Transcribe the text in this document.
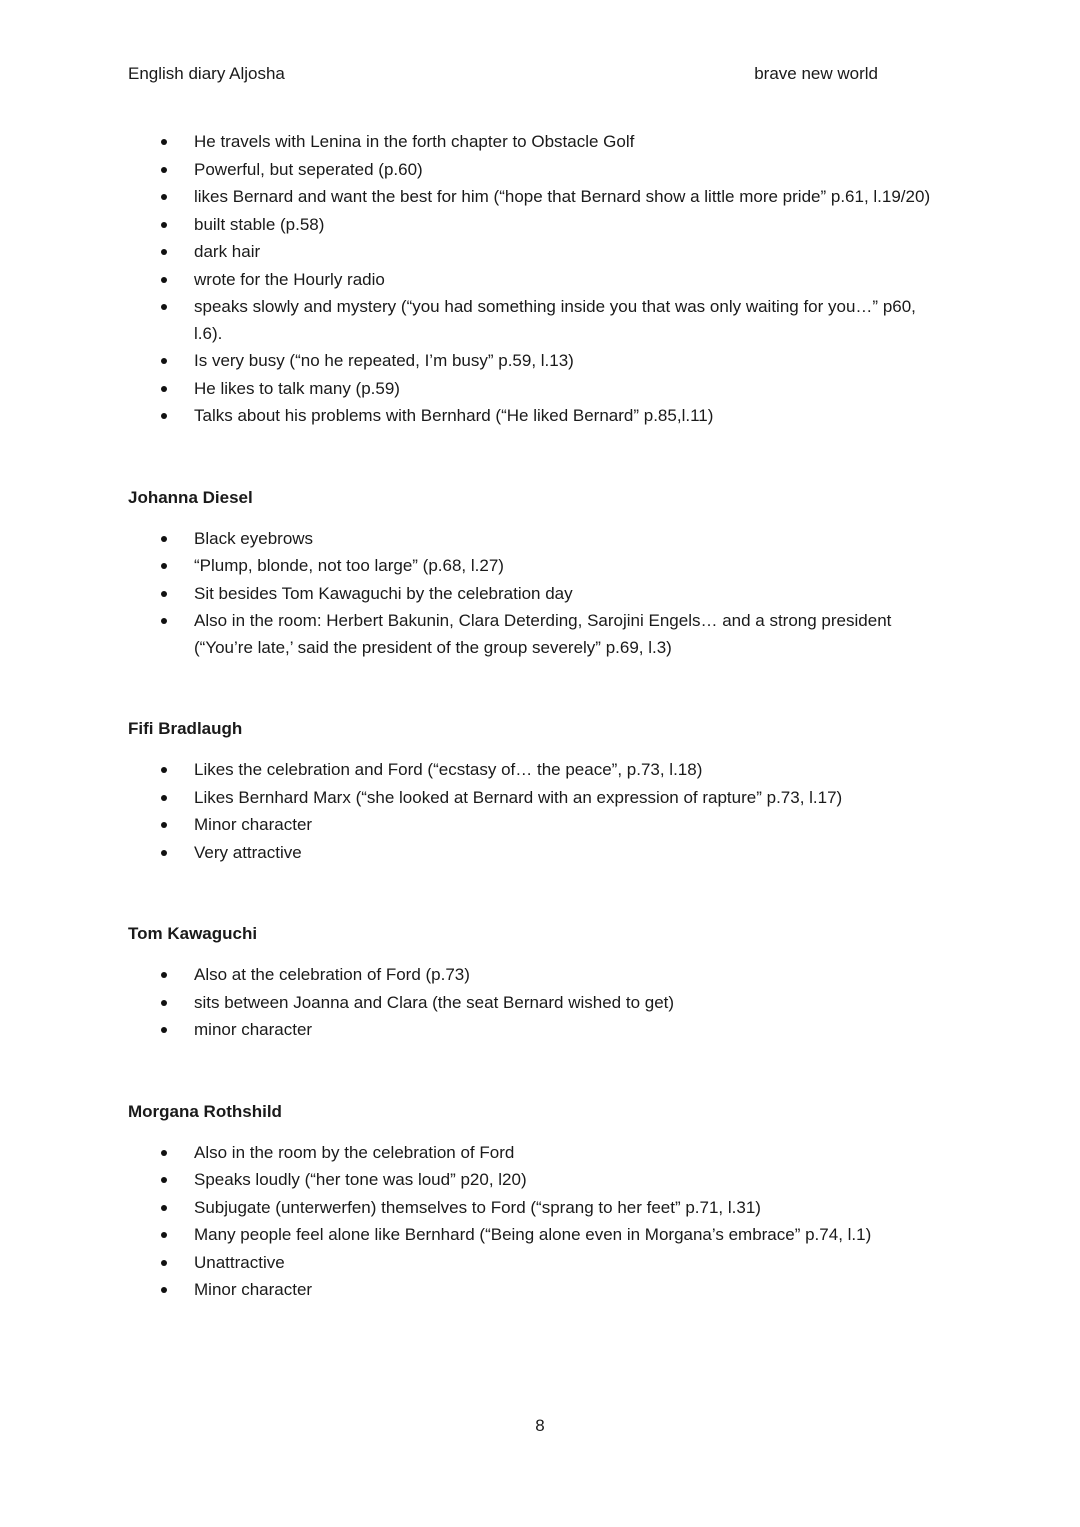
English diary Aljosha	brave new world
He travels with Lenina in the forth chapter to Obstacle Golf
Powerful, but seperated (p.60)
likes Bernard and want the best for him (“hope that Bernard show a little more pride” p.61, l.19/20)
built stable (p.58)
dark hair
wrote for the Hourly radio
speaks slowly and mystery (“you had something inside you that was only waiting for you…” p60, l.6).
Is very busy (“no he repeated, I’m busy” p.59, l.13)
He likes to talk many (p.59)
Talks about his problems with Bernhard (“He liked Bernard” p.85,l.11)
Johanna Diesel
Black eyebrows
“Plump, blonde, not too large” (p.68, l.27)
Sit besides Tom Kawaguchi by the celebration day
Also in the room: Herbert Bakunin, Clara Deterding, Sarojini Engels… and a strong president (“You’re late,’ said the president of the group severely” p.69, l.3)
Fifi Bradlaugh
Likes the celebration and Ford (“ecstasy of… the peace”, p.73, l.18)
Likes Bernhard Marx (“she looked at Bernard with an expression of rapture” p.73, l.17)
Minor character
Very attractive
Tom Kawaguchi
Also at the celebration of Ford (p.73)
sits between Joanna and Clara (the seat Bernard wished to get)
minor character
Morgana Rothshild
Also in the room by the celebration of Ford
Speaks loudly (“her tone was loud” p20, l20)
Subjugate (unterwerfen) themselves to Ford (“sprang to her feet” p.71, l.31)
Many people feel alone like Bernhard (“Being alone even in Morgana’s embrace” p.74, l.1)
Unattractive
Minor character
8
